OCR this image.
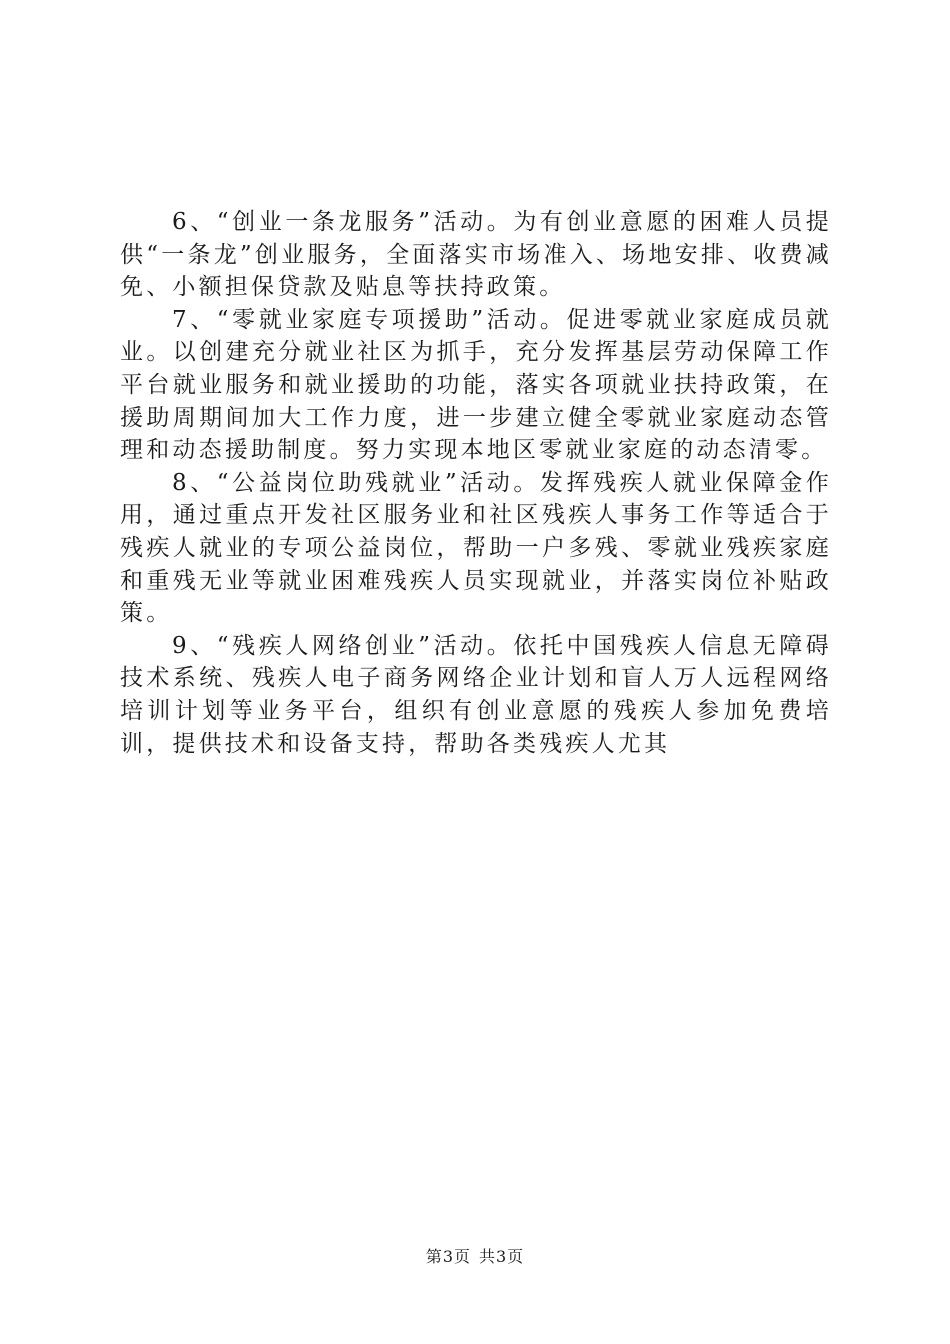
6、“创业一条龙服务”活动。为有创业意愿的困难人员提供“一条龙”创业服务，全面落实市场准入、场地安排、收费减免、小额担保贷款及贴息等扶持政策。

7、“零就业家庭专项援助”活动。促进零就业家庭成员就业。以创建充分就业社区为抓手，充分发挥基层劳动保障工作平台就业服务和就业援助的功能，落实各项就业扶持政策，在援助周期间加大工作力度，进一步建立健全零就业家庭动态管理和动态援助制度。努力实现本地区零就业家庭的动态清零。

8、“公益岗位助残就业”活动。发挥残疾人就业保障金作用，通过重点开发社区服务业和社区残疾人事务工作等适合于残疾人就业的专项公益岗位，帮助一户多残、零就业残疾家庭和重残无业等就业困难残疾人员实现就业，并落实岗位补贴政策。

9、“残疾人网络创业”活动。依托中国残疾人信息无障碍技术系统、残疾人电子商务网络企业计划和盲人万人远程网络培训计划等业务平台，组织有创业意愿的残疾人参加免费培训，提供技术和设备支持，帮助各类残疾人尤其

第3页 共3页
